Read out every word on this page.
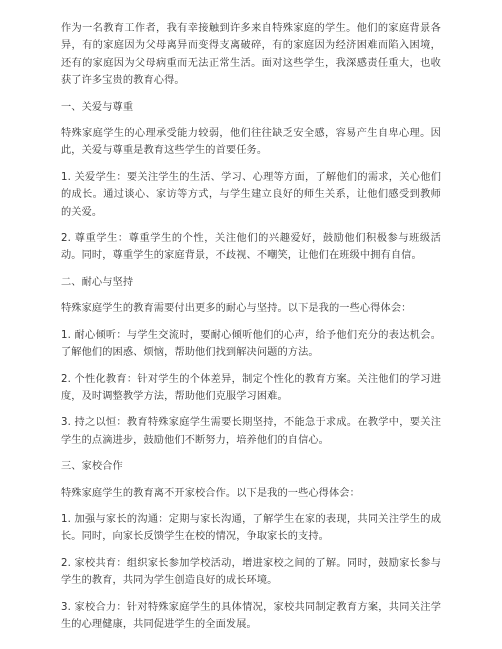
作为一名教育工作者，我有幸接触到许多来自特殊家庭的学生。他们的家庭背景各异，有的家庭因为父母离异而变得支离破碎，有的家庭因为经济困难而陷入困境，还有的家庭因为父母病重而无法正常生活。面对这些学生，我深感责任重大，也收获了许多宝贵的教育心得。

一、关爱与尊重

特殊家庭学生的心理承受能力较弱，他们往往缺乏安全感，容易产生自卑心理。因此，关爱与尊重是教育这些学生的首要任务。

1. 关爱学生：要关注学生的生活、学习、心理等方面，了解他们的需求，关心他们的成长。通过谈心、家访等方式，与学生建立良好的师生关系，让他们感受到教师的关爱。

2. 尊重学生：尊重学生的个性，关注他们的兴趣爱好，鼓励他们积极参与班级活动。同时，尊重学生的家庭背景，不歧视、不嘲笑，让他们在班级中拥有自信。

二、耐心与坚持

特殊家庭学生的教育需要付出更多的耐心与坚持。以下是我的一些心得体会：

1. 耐心倾听：与学生交流时，要耐心倾听他们的心声，给予他们充分的表达机会。了解他们的困惑、烦恼，帮助他们找到解决问题的方法。

2. 个性化教育：针对学生的个体差异，制定个性化的教育方案。关注他们的学习进度，及时调整教学方法，帮助他们克服学习困难。

3. 持之以恒：教育特殊家庭学生需要长期坚持，不能急于求成。在教学中，要关注学生的点滴进步，鼓励他们不断努力，培养他们的自信心。

三、家校合作

特殊家庭学生的教育离不开家校合作。以下是我的一些心得体会：

1. 加强与家长的沟通：定期与家长沟通，了解学生在家的表现，共同关注学生的成长。同时，向家长反馈学生在校的情况，争取家长的支持。

2. 家校共育：组织家长参加学校活动，增进家校之间的了解。同时，鼓励家长参与学生的教育，共同为学生创造良好的成长环境。

3. 家校合力：针对特殊家庭学生的具体情况，家校共同制定教育方案，共同关注学生的心理健康，共同促进学生的全面发展。
